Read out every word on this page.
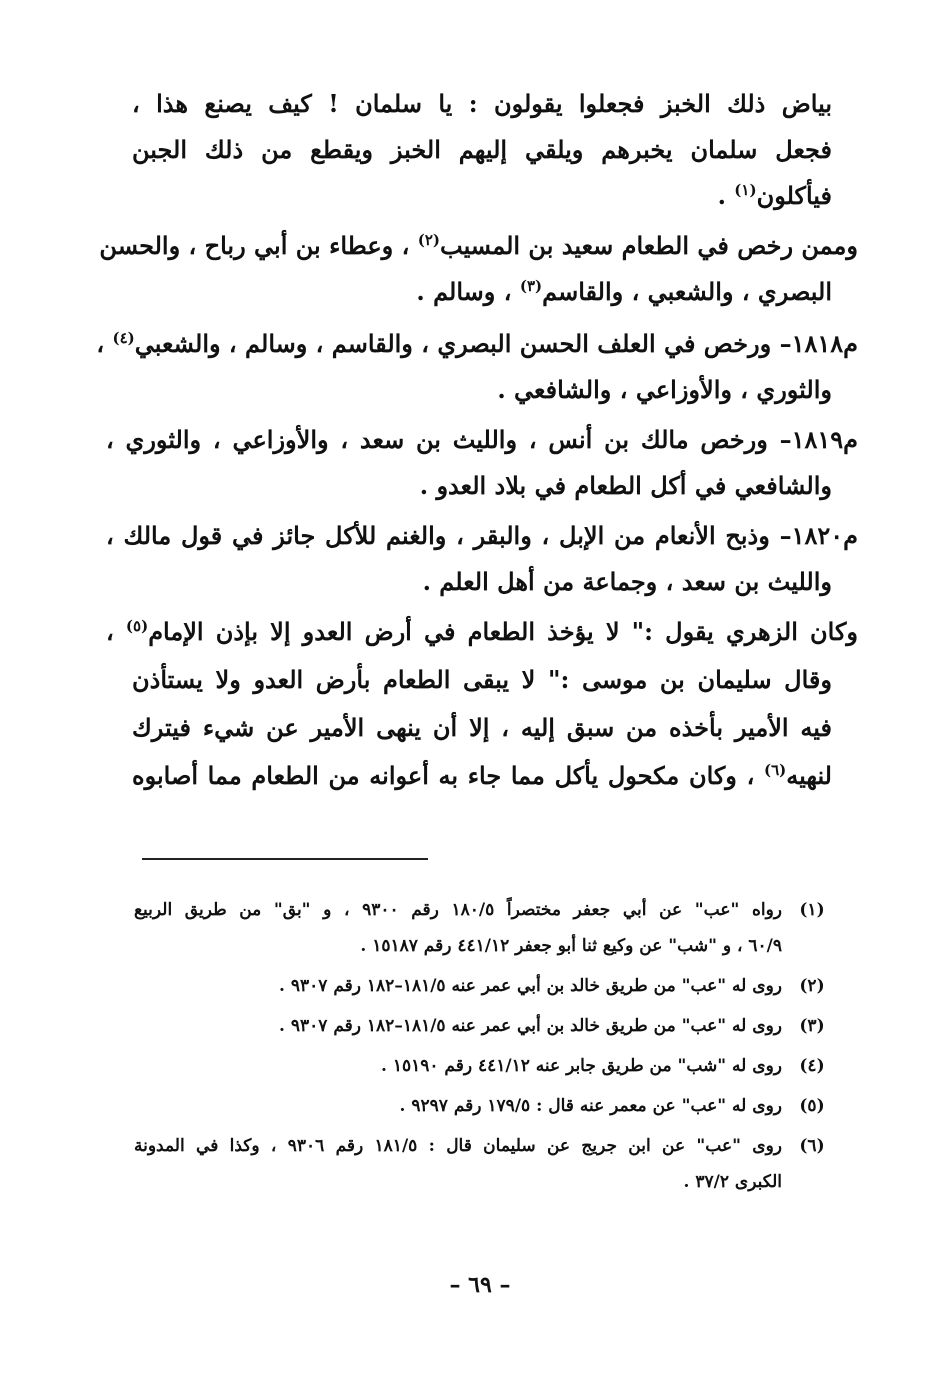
بياض ذلك الخبز فجعلوا يقولون : يا سلمان ! كيف يصنع هذا ،
فجعل سلمان يخبرهم ويلقي إليهم الخبز ويقطع من ذلك الجبن
فيأكلون$^{(١)}$ .
وممن رخص في الطعام سعيد بن المسيب$^{(٢)}$ ، وعطاء بن أبي رباح ، والحسن
البصري ، والشعبي ، والقاسم$^{(٣)}$ ، وسالم .
م١٨١٨– ورخص في العلف الحسن البصري ، والقاسم ، وسالم ، والشعبي$^{(٤)}$ ،
والثوري ، والأوزاعي ، والشافعي .
م١٨١٩– ورخص مالك بن أنس ، والليث بن سعد ، والأوزاعي ، والثوري ،
والشافعي في أكل الطعام في بلاد العدو .
م١٨٢٠– وذبح الأنعام من الإبل ، والبقر ، والغنم للأكل جائز في قول مالك ،
والليث بن سعد ، وجماعة من أهل العلم .
وكان الزهري يقول :" لا يؤخذ الطعام في أرض العدو إلا بإذن الإمام$^{(٥)}$ ،
وقال سليمان بن موسى :" لا يبقى الطعام بأرض العدو ولا يستأذن
فيه الأمير بأخذه من سبق إليه ، إلا أن ينهى الأمير عن شيء فيترك
لنهيه$^{(٦)}$ ، وكان مكحول يأكل مما جاء به أعوانه من الطعام مما أصابوه
(١)
رواه "عب" عن أبي جعفر مختصراً ١٨٠/٥ رقم ٩٣٠٠ ، و "بق" من طريق الربيع
٦٠/٩ ، و "شب" عن وكيع ثنا أبو جعفر ٤٤١/١٢ رقم ١٥١٨٧ .
(٢)
روى له "عب" من طريق خالد بن أبي عمر عنه ١٨١/٥–١٨٢ رقم ٩٣٠٧ .
(٣)
روى له "عب" من طريق خالد بن أبي عمر عنه ١٨١/٥–١٨٢ رقم ٩٣٠٧ .
(٤)
روى له "شب" من طريق جابر عنه ٤٤١/١٢ رقم ١٥١٩٠ .
(٥)
روى له "عب" عن معمر عنه قال : ١٧٩/٥ رقم ٩٢٩٧ .
(٦)
روى "عب" عن ابن جريج عن سليمان قال : ١٨١/٥ رقم ٩٣٠٦ ، وكذا في المدونة
الكبرى ٣٧/٢ .
– ٦٩ –
